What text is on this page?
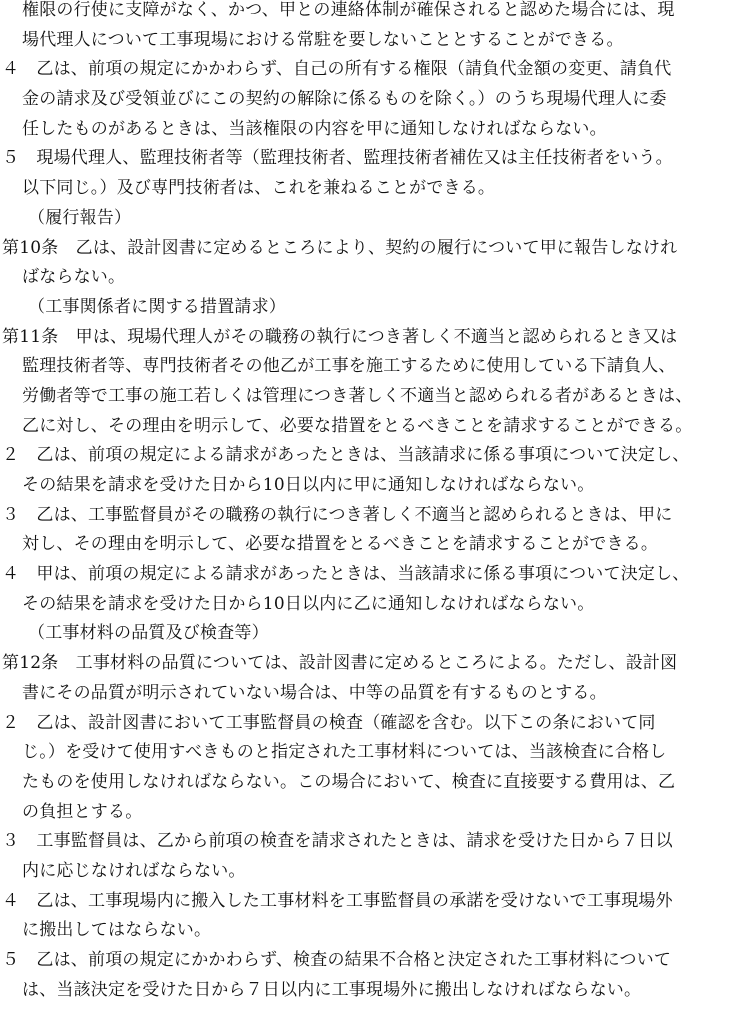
権限の行使に支障がなく、かつ、甲との連絡体制が確保されると認めた場合には、現
場代理人について工事現場における常駐を要しないこととすることができる。
４　乙は、前項の規定にかかわらず、自己の所有する権限（請負代金額の変更、請負代
金の請求及び受領並びにこの契約の解除に係るものを除く。）のうち現場代理人に委
任したものがあるときは、当該権限の内容を甲に通知しなければならない。
５　現場代理人、監理技術者等（監理技術者、監理技術者補佐又は主任技術者をいう。
以下同じ。）及び専門技術者は、これを兼ねることができる。
（履行報告）
第10条　乙は、設計図書に定めるところにより、契約の履行について甲に報告しなけれ
ばならない。
（工事関係者に関する措置請求）
第11条　甲は、現場代理人がその職務の執行につき著しく不適当と認められるとき又は
監理技術者等、専門技術者その他乙が工事を施工するために使用している下請負人、
労働者等で工事の施工若しくは管理につき著しく不適当と認められる者があるときは、
乙に対し、その理由を明示して、必要な措置をとるべきことを請求することができる。
２　乙は、前項の規定による請求があったときは、当該請求に係る事項について決定し、
その結果を請求を受けた日から10日以内に甲に通知しなければならない。
３　乙は、工事監督員がその職務の執行につき著しく不適当と認められるときは、甲に
対し、その理由を明示して、必要な措置をとるべきことを請求することができる。
４　甲は、前項の規定による請求があったときは、当該請求に係る事項について決定し、
その結果を請求を受けた日から10日以内に乙に通知しなければならない。
（工事材料の品質及び検査等）
第12条　工事材料の品質については、設計図書に定めるところによる。ただし、設計図
書にその品質が明示されていない場合は、中等の品質を有するものとする。
２　乙は、設計図書において工事監督員の検査（確認を含む。以下この条において同
じ。）を受けて使用すべきものと指定された工事材料については、当該検査に合格し
たものを使用しなければならない。この場合において、検査に直接要する費用は、乙
の負担とする。
３　工事監督員は、乙から前項の検査を請求されたときは、請求を受けた日から７日以
内に応じなければならない。
４　乙は、工事現場内に搬入した工事材料を工事監督員の承諾を受けないで工事現場外
に搬出してはならない。
５　乙は、前項の規定にかかわらず、検査の結果不合格と決定された工事材料について
は、当該決定を受けた日から７日以内に工事現場外に搬出しなければならない。
